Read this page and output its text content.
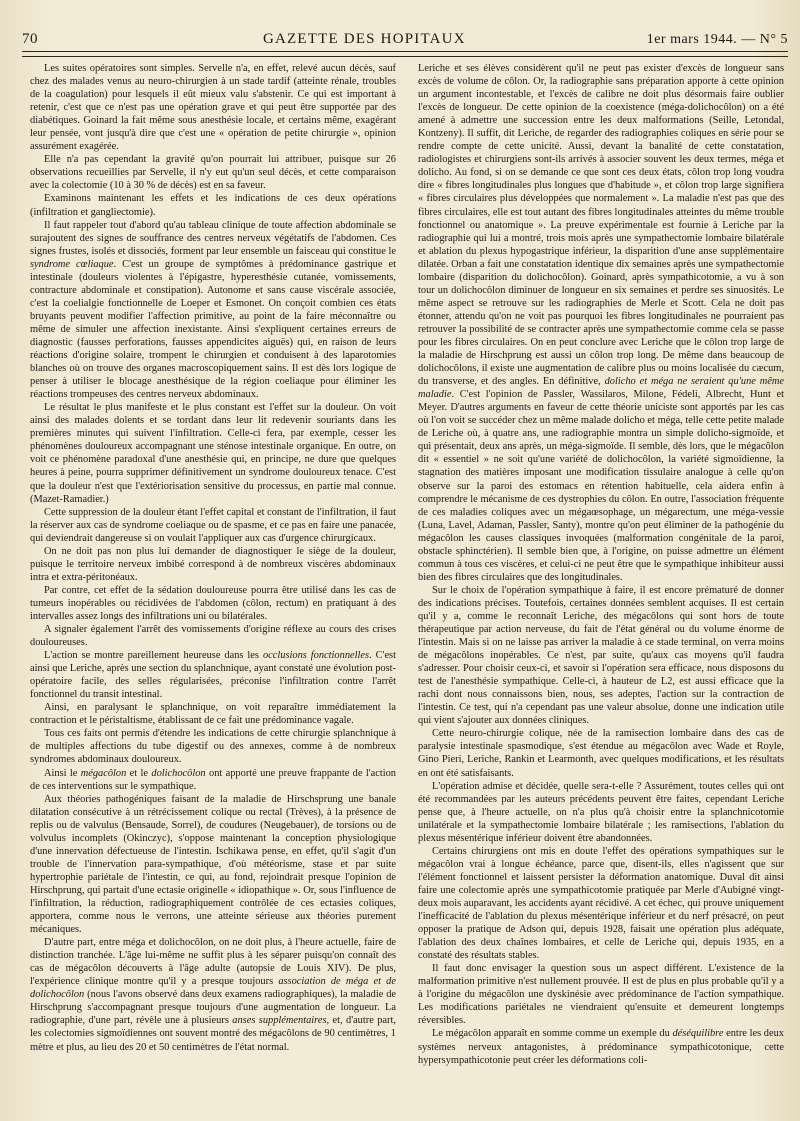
70	GAZETTE DES HOPITAUX	1er mars 1944. — N° 5

Les suites opératoires sont simples. Servelle n'a, en effet, relevé aucun décès, sauf chez des malades venus au neuro-chirurgien à un stade tardif (atteinte rénale, troubles de la coagulation) pour lesquels il eût mieux valu s'abstenir. Ce qui est important à retenir, c'est que ce n'est pas une opération grave et qui peut être supportée par des diabétiques. Goinard la fait même sous anesthésie locale, et certains même, exagérant leur pensée, vont jusqu'à dire que c'est une « opération de petite chirurgie », opinion assurément exagérée.

Elle n'a pas cependant la gravité qu'on pourrait lui attribuer, puisque sur 26 observations recueillies par Servelle, il n'y eut qu'un seul décès, et cette comparaison avec la colectomie (10 à 30 % de décès) est en sa faveur.

Examinons maintenant les effets et les indications de ces deux opérations (infiltration et gangliectomie).

Il faut rappeler tout d'abord qu'au tableau clinique de toute affection abdominale se surajoutent des signes de souffrance des centres nerveux végétatifs de l'abdomen. Ces signes frustes, isolés et dissociés, forment par leur ensemble un faisceau qui constitue le syndrome cœliaque. C'est un groupe de symptômes à prédominance gastrique et intestinale (douleurs violentes à l'épigastre, hyperesthésie cutanée, vomissements, contracture abdominale et constipation). Autonome et sans cause viscérale associée, c'est la coelialgie fonctionnelle de Loeper et Esmonet. On conçoit combien ces états bruyants peuvent modifier l'affection primitive, au point de la faire méconnaître ou même de simuler une affection inexistante. Ainsi s'expliquent certaines erreurs de diagnostic (fausses perforations, fausses appendicites aiguës) qui, en raison de leurs réactions d'origine solaire, trompent le chirurgien et conduisent à des laparotomies blanches où on trouve des organes macroscopiquement sains. Il est dès lors logique de penser à utiliser le blocage anesthésique de la région coeliaque pour éliminer les réactions trompeuses des centres nerveux abdominaux.

Le résultat le plus manifeste et le plus constant est l'effet sur la douleur. On voit ainsi des malades dolents et se tordant dans leur lit redevenir souriants dans les premières minutes qui suivent l'infiltration. Celle-ci fera, par exemple, cesser les phénomènes douloureux accompagnant une sténose intestinale organique. En outre, on voit ce phénomène paradoxal d'une anesthésie qui, en principe, ne dure que quelques heures à peine, pourra supprimer définitivement un syndrome douloureux tenace. C'est que la douleur n'est que l'extériorisation sensitive du processus, en partie mal connue. (Mazet-Ramadier.)

Cette suppression de la douleur étant l'effet capital et constant de l'infiltration, il faut la réserver aux cas de syndrome coeliaque ou de spasme, et ce pas en faire une panacée, qui deviendrait dangereuse si on voulait l'appliquer aux cas d'urgence chirurgicaux.

On ne doit pas non plus lui demander de diagnostiquer le siège de la douleur, puisque le territoire nerveux imbibé correspond à de nombreux viscères abdominaux intra et extra-péritonéaux.

Par contre, cet effet de la sédation douloureuse pourra être utilisé dans les cas de tumeurs inopérables ou récidivées de l'abdomen (côlon, rectum) en pratiquant à des intervalles assez longs des infiltrations uni ou bilatérales.

A signaler également l'arrêt des vomissements d'origine réflexe au cours des crises douloureuses.

L'action se montre pareillement heureuse dans les occlusions fonctionnelles. C'est ainsi que Leriche, après une section du splanchnique, ayant constaté une évolution post-opératoire facile, des selles régularisées, préconise l'infiltration contre l'arrêt fonctionnel du transit intestinal.

Ainsi, en paralysant le splanchnique, on voit reparaître immédiatement la contraction et le péristaltisme, établissant de ce fait une prédominance vagale.

Tous ces faits ont permis d'étendre les indications de cette chirurgie splanchnique à de multiples affections du tube digestif ou des annexes, comme à de nombreux syndromes abdominaux douloureux.

Ainsi le mégacôlon et le dolichocôlon ont apporté une preuve frappante de l'action de ces interventions sur le sympathique.

Aux théories pathogéniques faisant de la maladie de Hirschsprung une banale dilatation consécutive à un rétrécissement colique ou rectal (Trèves), à la présence de replis ou de valvulus (Bensaude, Sorrel), de coudures (Neugebauer), de torsions ou de volvulus incomplets (Okinczyc), s'oppose maintenant la conception physiologique d'une innervation défectueuse de l'intestin. Ischikawa pense, en effet, qu'il s'agit d'un trouble de l'innervation para-sympathique, d'où météorisme, stase et par suite hypertrophie pariétale de l'intestin, ce qui, au fond, rejoindrait presque l'opinion de Hirschprung, qui partait d'une ectasie originelle « idiopathique ». Or, sous l'influence de l'infiltration, la réduction, radiographiquement contrôlée de ces ectasies coliques, apportera, comme nous le verrons, une atteinte sérieuse aux théories purement mécaniques.

D'autre part, entre méga et dolichocôlon, on ne doit plus, à l'heure actuelle, faire de distinction tranchée. L'âge lui-même ne suffit plus à les séparer puisqu'on connaît des cas de mégacôlon découverts à l'âge adulte (autopsie de Louis XIV). De plus, l'expérience clinique montre qu'il y a presque toujours association de méga et de dolichocôlon (nous l'avons observé dans deux examens radiographiques), la maladie de Hirschprung s'accompagnant presque toujours d'une augmentation de longueur. La radiographie, d'une part, révèle une à plusieurs anses supplémentaires, et, d'autre part, les colectomies sigmoïdiennes ont souvent montré des mégacôlons de 90 centimètres, 1 mètre et plus, au lieu des 20 et 50 centimètres de l'état normal.

Leriche et ses élèves considèrent qu'il ne peut pas exister d'excès de longueur sans excès de volume de côlon. Or, la radiographie sans préparation apporte à cette opinion un argument incontestable, et l'excès de calibre ne doit plus désormais faire oublier l'excès de longueur. De cette opinion de la coexistence (méga-dolichocôlon) on a été amené à admettre une succession entre les deux malformations (Seille, Letondal, Kontzeny). Il suffit, dit Leriche, de regarder des radiographies coliques en série pour se rendre compte de cette unicité. Aussi, devant la banalité de cette constatation, radiologistes et chirurgiens sont-ils arrivés à associer souvent les deux termes, méga et dolicho. Au fond, si on se demande ce que sont ces deux états, côlon trop long voudra dire « fibres longitudinales plus longues que d'habitude », et côlon trop large signifiera « fibres circulaires plus développées que normalement ». La maladie n'est pas que des fibres circulaires, elle est tout autant des fibres longitudinales atteintes du même trouble fonctionnel ou anatomique ». La preuve expérimentale est fournie à Leriche par la radiographie qui lui a montré, trois mois après une sympathectomie lombaire bilatérale et ablation du plexus hypogastrique inférieur, la disparition d'une anse supplémentaire dilatée. Orban a fait une constatation identique dix semaines après une sympathectomie lombaire (disparition du dolichocôlon). Goinard, après sympathicotomie, a vu à son tour un dolichocôlon diminuer de longueur en six semaines et perdre ses sinuosités. Le même aspect se retrouve sur les radiographies de Merle et Scott. Cela ne doit pas étonner, attendu qu'on ne voit pas pourquoi les fibres longitudinales ne pourraient pas retrouver la possibilité de se contracter après une sympathectomie comme cela se passe pour les fibres circulaires. On en peut conclure avec Leriche que le côlon trop large de la maladie de Hirschprung est aussi un côlon trop long. De même dans beaucoup de dolichocôlons, il existe une augmentation de calibre plus ou moins localisée du cæcum, du transverse, et des angles. En définitive, dolicho et méga ne seraient qu'une même maladie. C'est l'opinion de Passler, Wassilaros, Milone, Fédeli, Albrecht, Hunt et Meyer. D'autres arguments en faveur de cette théorie uniciste sont apportés par les cas où l'on voit se succéder chez un même malade dolicho et méga, telle cette petite malade de Leriche où, à quatre ans, une radiographie montra un simple dolicho-sigmoïde, et qui présentait, deux ans après, un méga-sigmoïde. Il semble, dès lors, que le mégacôlon dit « essentiel » ne soit qu'une variété de dolichocôlon, la variété sigmoïdienne, la stagnation des matières imposant une modification tissulaire analogue à celle qu'on observe sur la paroi des estomacs en rétention habituelle, cela aidera enfin à comprendre le mécanisme de ces dystrophies du côlon. En outre, l'association fréquente de ces maladies coliques avec un mégaœsophage, un mégarectum, une méga-vessie (Luna, Lavel, Adaman, Passler, Santy), montre qu'on peut éliminer de la pathogénie du mégacôlon les causes classiques invoquées (malformation congénitale de la paroi, obstacle sphinctérien). Il semble bien que, à l'origine, on puisse admettre un élément commun à tous ces viscères, et celui-ci ne peut être que le sympathique inhibiteur aussi bien des fibres circulaires que des longitudinales.

Sur le choix de l'opération sympathique à faire, il est encore prématuré de donner des indications précises. Toutefois, certaines données semblent acquises. Il est certain qu'il y a, comme le reconnaît Leriche, des mégacôlons qui sont hors de toute thérapeutique par action nerveuse, du fait de l'état général ou du volume énorme de l'intestin. Mais si on ne laisse pas arriver la maladie à ce stade terminal, on verra moins de mégacôlons inopérables. Ce n'est, par suite, qu'aux cas moyens qu'il faudra s'adresser. Pour choisir ceux-ci, et savoir si l'opération sera efficace, nous disposons du test de l'anesthésie sympathique. Celle-ci, à hauteur de L2, est aussi efficace que la rachi dont nous connaissons bien, nous, ses adeptes, l'action sur la contraction de l'intestin. Ce test, qui n'a cependant pas une valeur absolue, donne une indication utile qui vient s'ajouter aux données cliniques.

Cette neuro-chirurgie colique, née de la ramisection lombaire dans des cas de paralysie intestinale spasmodique, s'est étendue au mégacôlon avec Wade et Royle, Gino Pieri, Leriche, Rankin et Learmonth, avec quelques modifications, et les résultats en ont été satisfaisants.

L'opération admise et décidée, quelle sera-t-elle ? Assurément, toutes celles qui ont été recommandées par les auteurs précédents peuvent être faites, cependant Leriche pense que, à l'heure actuelle, on n'a plus qu'à choisir entre la splanchnicotomie unilatérale et la sympathectomie lombaire bilatérale ; les ramisections, l'ablation du plexus mésentérique inférieur doivent être abandonnées.

Certains chirurgiens ont mis en doute l'effet des opérations sympathiques sur le mégacôlon vrai à longue échéance, parce que, disent-ils, elles n'agissent que sur l'élément fonctionnel et laissent persister la déformation anatomique. Duval dit ainsi faire une colectomie après une sympathicotomie pratiquée par Merle d'Aubigné vingt-deux mois auparavant, les accidents ayant récidivé. A cet échec, qui prouve uniquement l'inefficacité de l'ablation du plexus mésentérique inférieur et du nerf présacré, on peut opposer la pratique de Adson qui, depuis 1928, faisait une opération plus adéquate, l'ablation des deux chaînes lombaires, et celle de Leriche qui, depuis 1935, en a constaté des résultats stables.

Il faut donc envisager la question sous un aspect différent. L'existence de la malformation primitive n'est nullement prouvée. Il est de plus en plus probable qu'il y a à l'origine du mégacôlon une dyskinésie avec prédominance de l'action sympathique. Les modifications pariétales ne viendraient qu'ensuite et demeurent longtemps réversibles.

Le mégacôlon apparaît en somme comme un exemple du déséquilibre entre les deux systèmes nerveux antagonistes, à prédominance sympathicotonique, cette hypersympathicotonie peut créer les déformations coli-
